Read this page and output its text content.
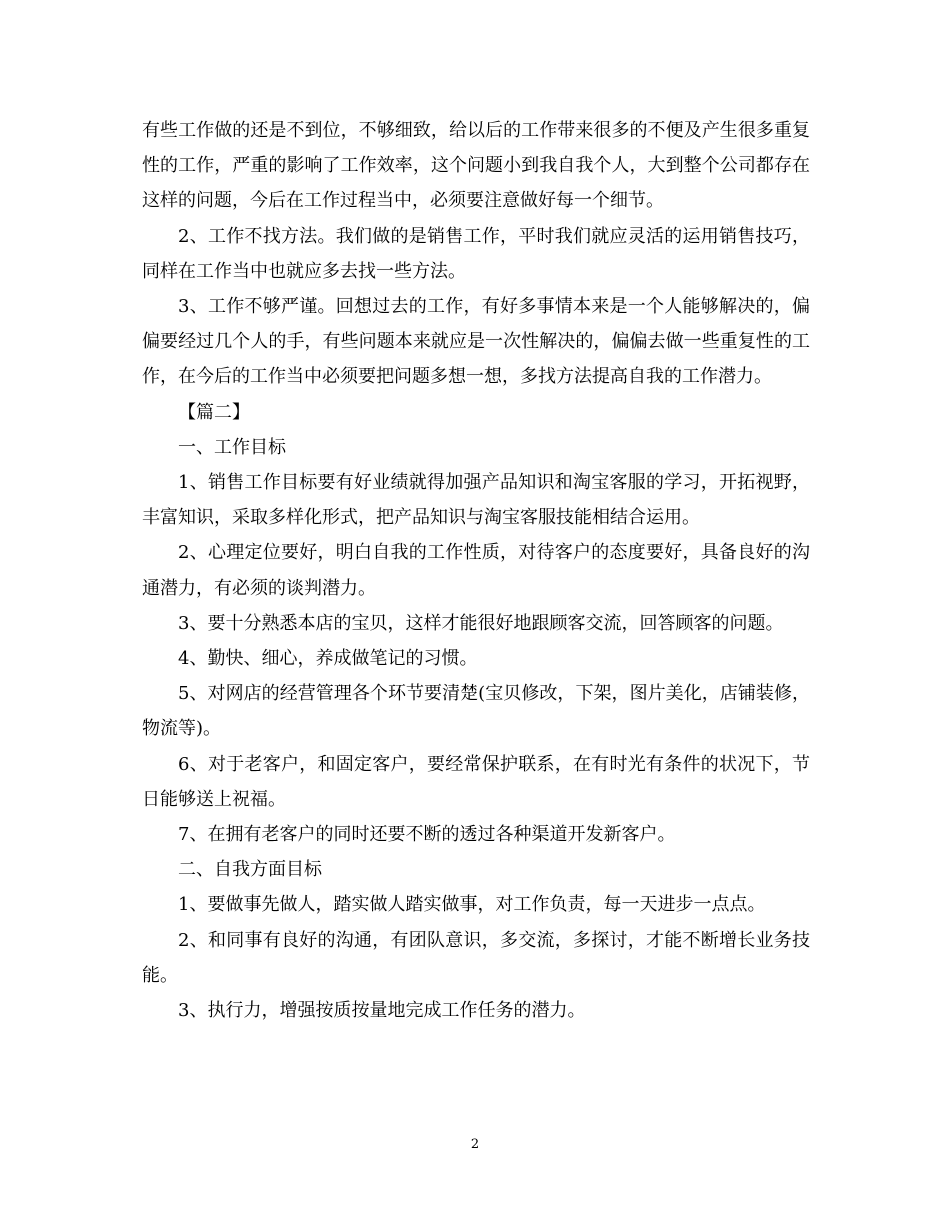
有些工作做的还是不到位，不够细致，给以后的工作带来很多的不便及产生很多重复性的工作，严重的影响了工作效率，这个问题小到我自我个人，大到整个公司都存在这样的问题，今后在工作过程当中，必须要注意做好每一个细节。

2、工作不找方法。我们做的是销售工作，平时我们就应灵活的运用销售技巧，同样在工作当中也就应多去找一些方法。

3、工作不够严谨。回想过去的工作，有好多事情本来是一个人能够解决的，偏偏要经过几个人的手，有些问题本来就应是一次性解决的，偏偏去做一些重复性的工作，在今后的工作当中必须要把问题多想一想，多找方法提高自我的工作潜力。

【篇二】

一、工作目标

1、销售工作目标要有好业绩就得加强产品知识和淘宝客服的学习，开拓视野，丰富知识，采取多样化形式，把产品知识与淘宝客服技能相结合运用。

2、心理定位要好，明白自我的工作性质，对待客户的态度要好，具备良好的沟通潜力，有必须的谈判潜力。

3、要十分熟悉本店的宝贝，这样才能很好地跟顾客交流，回答顾客的问题。

4、勤快、细心，养成做笔记的习惯。

5、对网店的经营管理各个环节要清楚(宝贝修改，下架，图片美化，店铺装修，物流等)。

6、对于老客户，和固定客户，要经常保护联系，在有时光有条件的状况下，节日能够送上祝福。

7、在拥有老客户的同时还要不断的透过各种渠道开发新客户。

二、自我方面目标

1、要做事先做人，踏实做人踏实做事，对工作负责，每一天进步一点点。

2、和同事有良好的沟通，有团队意识，多交流，多探讨，才能不断增长业务技能。

3、执行力，增强按质按量地完成工作任务的潜力。

2
